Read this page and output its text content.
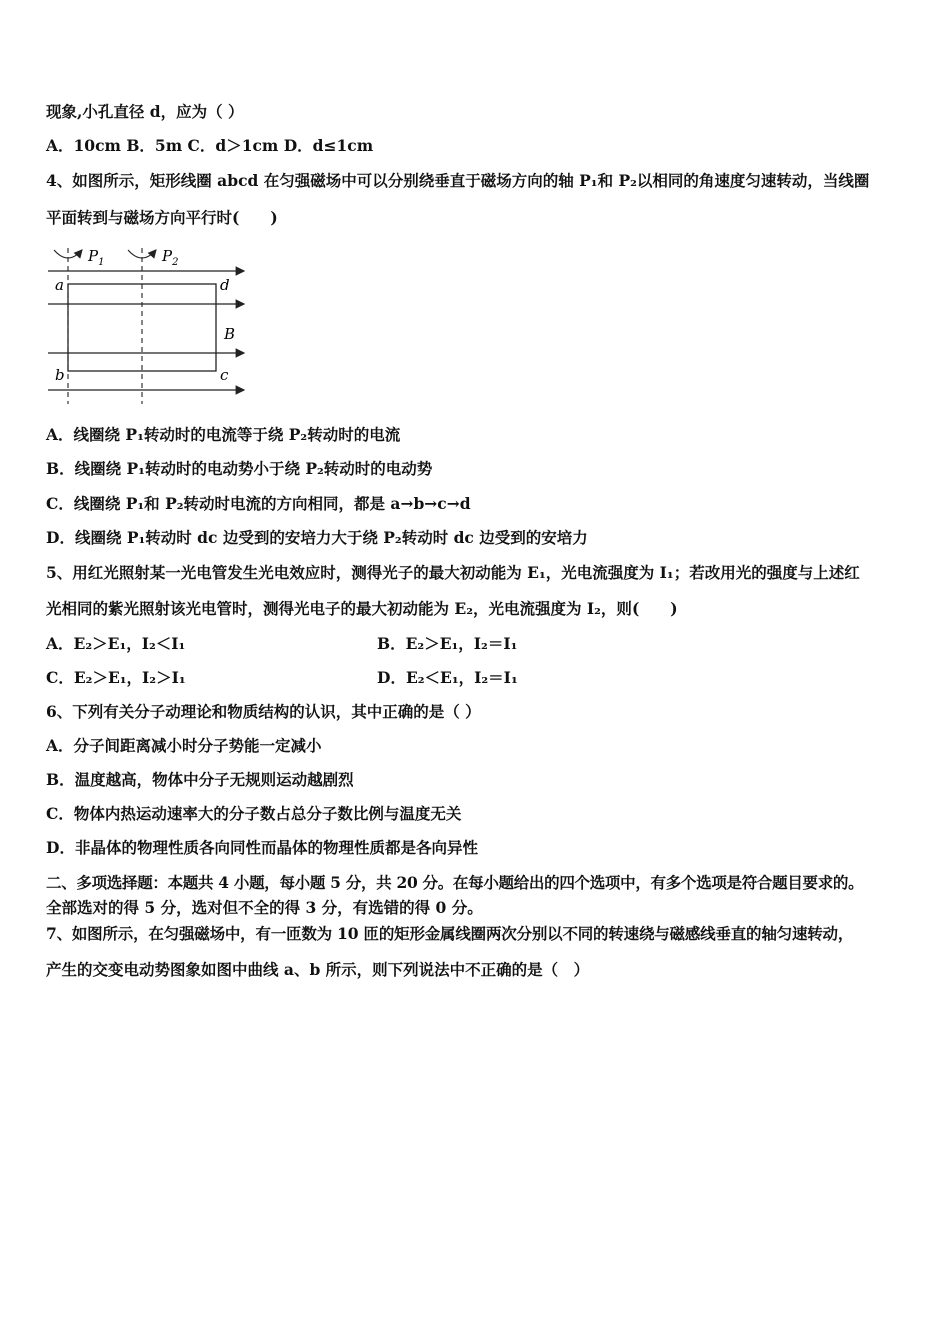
现象,小孔直径 d，应为（ ）
A．10cm B．5m C．d＞1cm D．d≤1cm
4、如图所示，矩形线圈 abcd 在匀强磁场中可以分别绕垂直于磁场方向的轴 P₁和 P₂以相同的角速度匀速转动，当线圈
平面转到与磁场方向平行时(　　)
$P_1$	$P_2$
a	d
b	c
B
A．线圈绕 P₁转动时的电流等于绕 P₂转动时的电流
B．线圈绕 P₁转动时的电动势小于绕 P₂转动时的电动势
C．线圈绕 P₁和 P₂转动时电流的方向相同，都是 a→b→c→d
D．线圈绕 P₁转动时 dc 边受到的安培力大于绕 P₂转动时 dc 边受到的安培力
5、用红光照射某一光电管发生光电效应时，测得光子的最大初动能为 E₁，光电流强度为 I₁；若改用光的强度与上述红
光相同的紫光照射该光电管时，测得光电子的最大初动能为 E₂，光电流强度为 I₂，则(　　)
A．E₂＞E₁，I₂＜I₁	B．E₂＞E₁，I₂＝I₁
C．E₂＞E₁，I₂＞I₁	D．E₂＜E₁，I₂＝I₁
6、下列有关分子动理论和物质结构的认识，其中正确的是（ ）
A．分子间距离减小时分子势能一定减小
B．温度越高，物体中分子无规则运动越剧烈
C．物体内热运动速率大的分子数占总分子数比例与温度无关
D．非晶体的物理性质各向同性而晶体的物理性质都是各向异性
二、多项选择题：本题共 4 小题，每小题 5 分，共 20 分。在每小题给出的四个选项中，有多个选项是符合题目要求的。
全部选对的得 5 分，选对但不全的得 3 分，有选错的得 0 分。
7、如图所示，在匀强磁场中，有一匝数为 10 匝的矩形金属线圈两次分别以不同的转速绕与磁感线垂直的轴匀速转动，
产生的交变电动势图象如图中曲线 a、b 所示，则下列说法中不正确的是（　）
